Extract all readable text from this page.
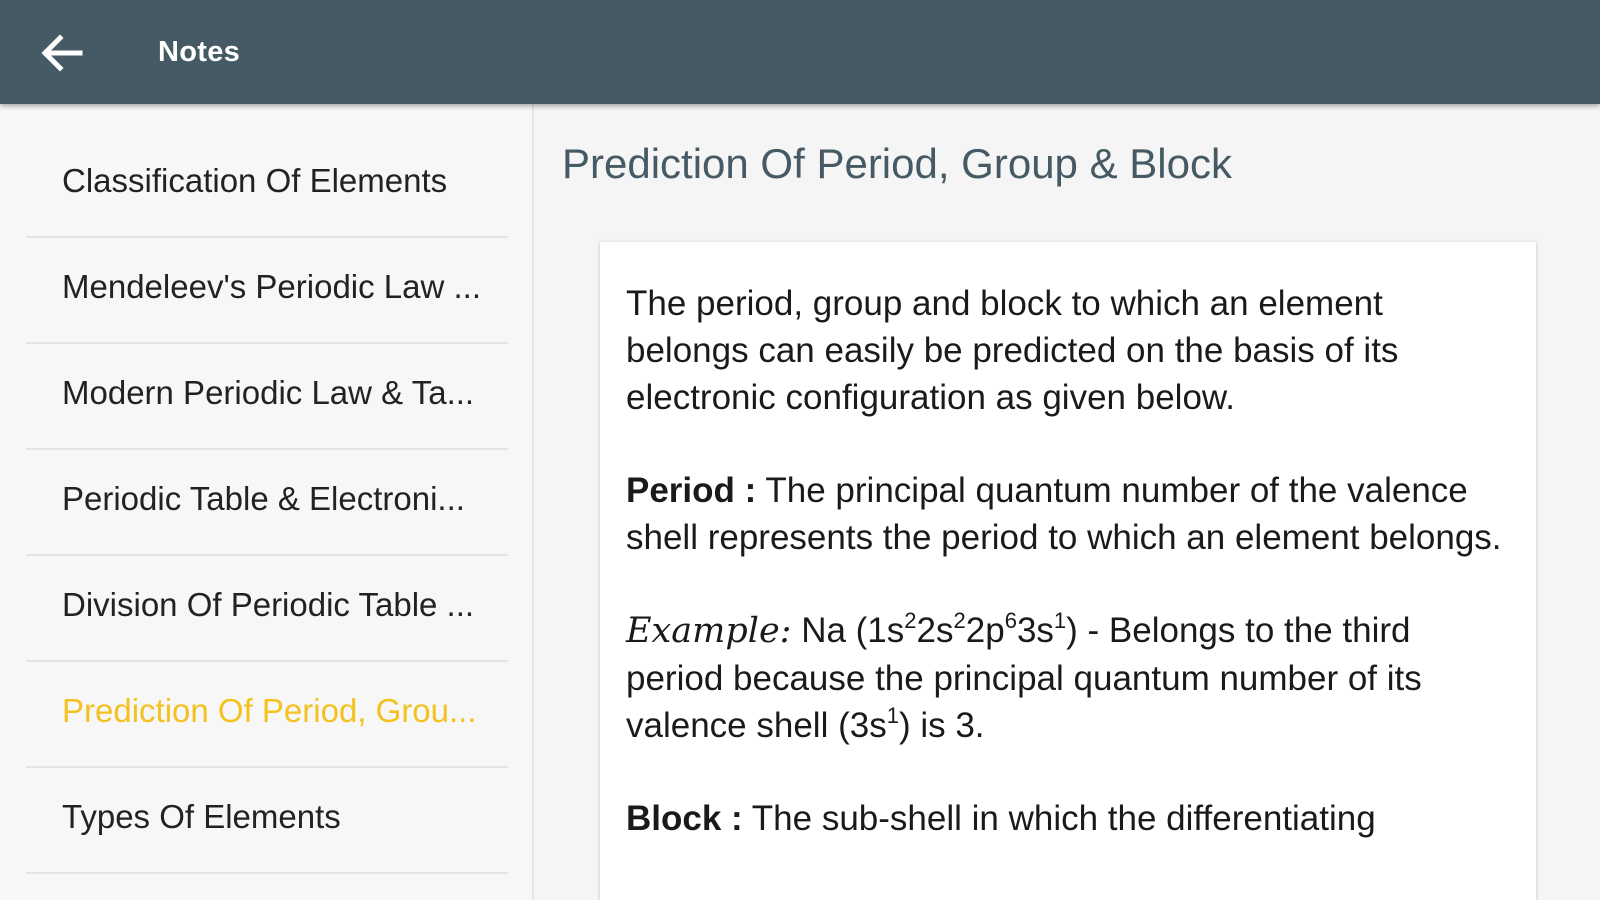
Notes
Classification Of Elements
Mendeleev's Periodic Law ...
Modern Periodic Law & Ta...
Periodic Table & Electroni...
Division Of Periodic Table ...
Prediction Of Period, Grou...
Types Of Elements
Prediction Of Period, Group & Block

The period, group and block to which an element belongs can easily be predicted on the basis of its electronic configuration as given below.

Period : The principal quantum number of the valence shell represents the period to which an element belongs.

Example: Na $(1s^22s^22p^63s^1)$ - Belongs to the third period because the principal quantum number of its valence shell $(3s^1)$ is 3.

Block : The sub-shell in which the differentiating
